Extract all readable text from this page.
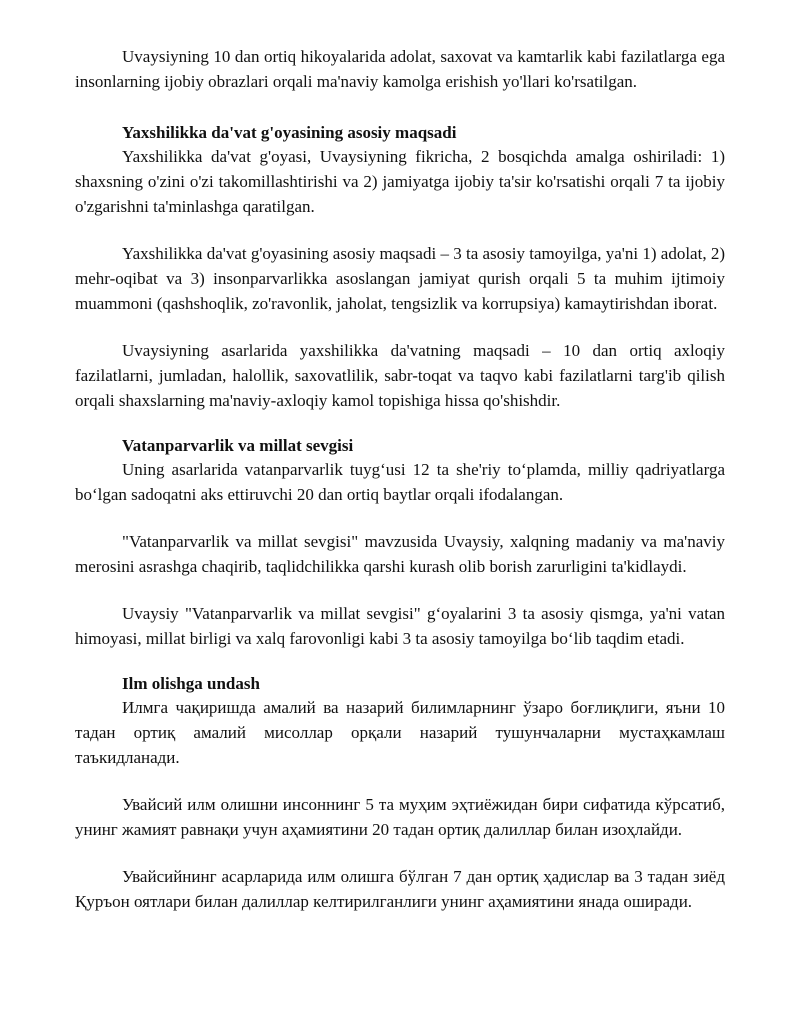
Uvaysiyning 10 dan ortiq hikoyalarida adolat, saxovat va kamtarlik kabi fazilatlarga ega insonlarning ijobiy obrazlari orqali ma'naviy kamolga erishish yo'llari ko'rsatilgan.

Yaxshilikka da'vat g'oyasining asosiy maqsadi

Yaxshilikka da'vat g'oyasi, Uvaysiyning fikricha, 2 bosqichda amalga oshiriladi: 1) shaxsning o'zini o'zi takomillashtirishi va 2) jamiyatga ijobiy ta'sir ko'rsatishi orqali 7 ta ijobiy o'zgarishni ta'minlashga qaratilgan.

Yaxshilikka da'vat g'oyasining asosiy maqsadi – 3 ta asosiy tamoyilga, ya'ni 1) adolat, 2) mehr-oqibat va 3) insonparvarlikka asoslangan jamiyat qurish orqali 5 ta muhim ijtimoiy muammoni (qashshoqlik, zo'ravonlik, jaholat, tengsizlik va korrupsiya) kamaytirishdan iborat.

Uvaysiyning asarlarida yaxshilikka da'vatning maqsadi – 10 dan ortiq axloqiy fazilatlarni, jumladan, halollik, saxovatlilik, sabr-toqat va taqvo kabi fazilatlarni targ'ib qilish orqali shaxslarning ma'naviy-axloqiy kamol topishiga hissa qo'shishdir.

Vatanparvarlik va millat sevgisi

Uning asarlarida vatanparvarlik tuyg‘usi 12 ta she'riy to‘plamda, milliy qadriyatlarga bo‘lgan sadoqatni aks ettiruvchi 20 dan ortiq baytlar orqali ifodalangan.

"Vatanparvarlik va millat sevgisi" mavzusida Uvaysiy, xalqning madaniy va ma'naviy merosini asrashga chaqirib, taqlidchilikka qarshi kurash olib borish zarurligini ta'kidlaydi.

Uvaysiy "Vatanparvarlik va millat sevgisi" g‘oyalarini 3 ta asosiy qismga, ya'ni vatan himoyasi, millat birligi va xalq farovonligi kabi 3 ta asosiy tamoyilga bo‘lib taqdim etadi.

Ilm olishga undash

Илмга чақиришда амалий ва назарий билимларнинг ўзаро боғлиқлиги, яъни 10 тадан ортиқ амалий мисоллар орқали назарий тушунчаларни мустаҳкамлаш таъкидланади.

Увайсий илм олишни инсоннинг 5 та муҳим эҳтиёжидан бири сифатида кўрсатиб, унинг жамият равнақи учун аҳамиятини 20 тадан ортиқ далиллар билан изоҳлайди.

Увайсийнинг асарларида илм олишга бўлган 7 дан ортиқ ҳадислар ва 3 тадан зиёд Қуръон оятлари билан далиллар келтирилганлиги унинг аҳамиятини янада оширади.
